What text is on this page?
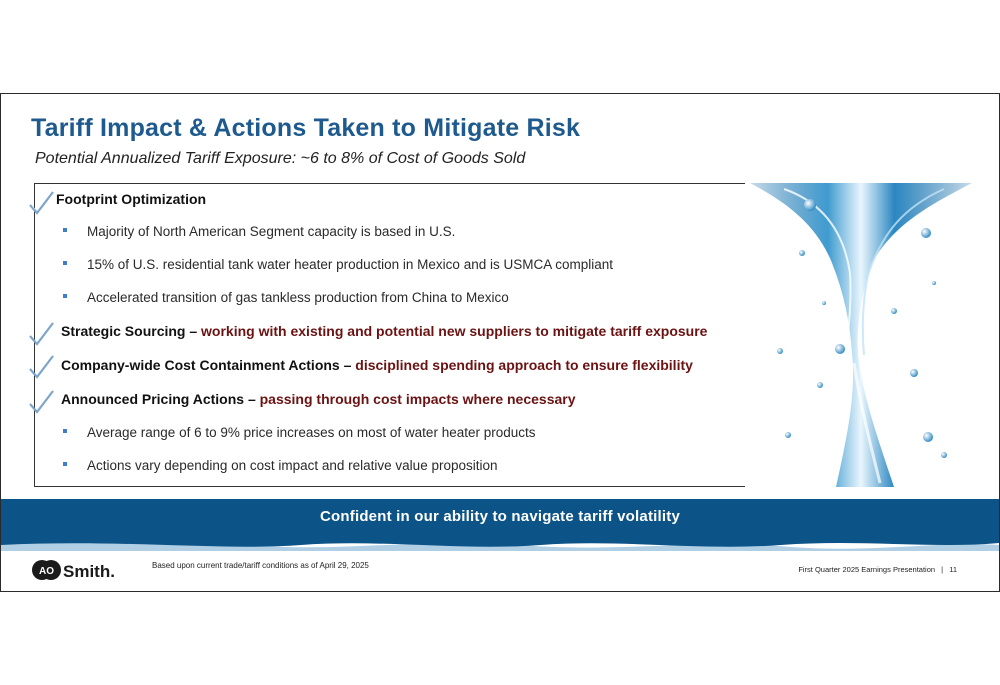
Tariff Impact & Actions Taken to Mitigate Risk
Potential Annualized Tariff Exposure: ~6 to 8% of Cost of Goods Sold
Footprint Optimization
Majority of North American Segment capacity is based in U.S.
15% of U.S. residential tank water heater production in Mexico and is USMCA compliant
Accelerated transition of gas tankless production from China to Mexico
Strategic Sourcing – working with existing and potential new suppliers to mitigate tariff exposure
Company-wide Cost Containment Actions – disciplined spending approach to ensure flexibility
Announced Pricing Actions – passing through cost impacts where necessary
Average range of 6 to 9% price increases on most of water heater products
Actions vary depending on cost impact and relative value proposition
Confident in our ability to navigate tariff volatility
AO Smith.	Based upon current trade/tariff conditions as of April 29, 2025	First Quarter 2025 Earnings Presentation | 11
